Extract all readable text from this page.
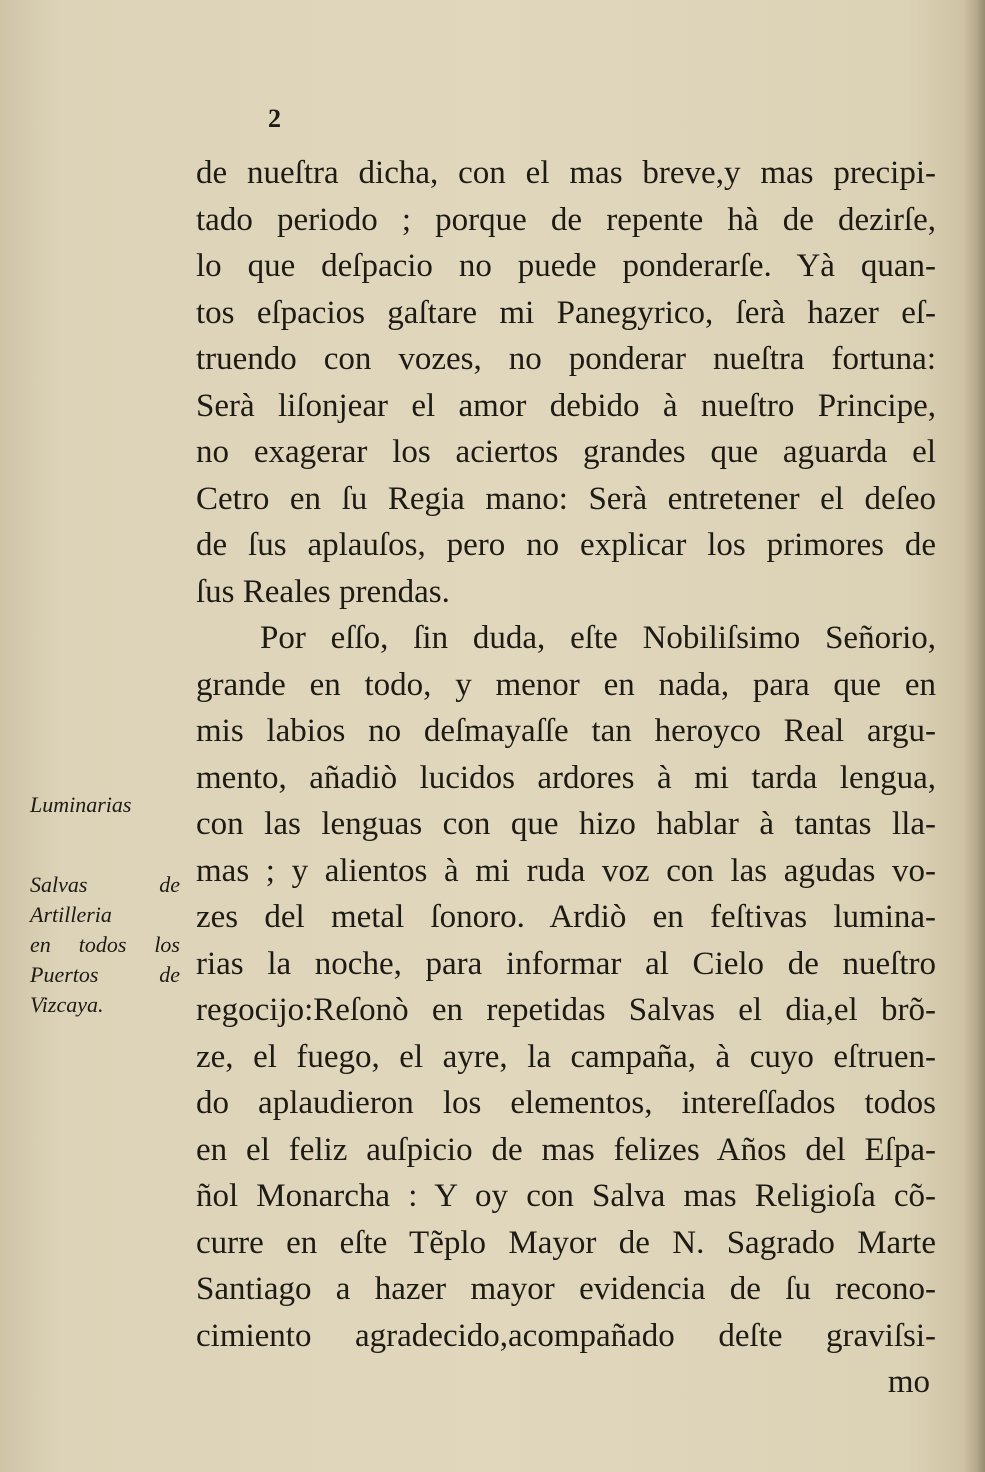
2
de nueſtra dicha, con el mas breve,y mas precipi-
tado periodo ; porque de repente hà de dezirſe,
lo que deſpacio no puede ponderarſe. Yà quan-
tos eſpacios gaſtare mi Panegyrico, ſerà hazer eſ-
truendo con vozes, no ponderar nueſtra fortuna:
Serà liſonjear el amor debido à nueſtro Principe,
no exagerar los aciertos grandes que aguarda el
Cetro en ſu Regia mano: Serà entretener el deſeo
de ſus aplauſos, pero no explicar los primores de
ſus Reales prendas.
Por eſſo, ſin duda, eſte Nobiliſsimo Señorio,
grande en todo, y menor en nada, para que en
mis labios no deſmayaſſe tan heroyco Real argu-
mento, añadiò lucidos ardores à mi tarda lengua,
con las lenguas con que hizo hablar à tantas lla-
mas ; y alientos à mi ruda voz con las agudas vo-
zes del metal ſonoro. Ardiò en feſtivas lumina-
rias la noche, para informar al Cielo de nueſtro
regocijo:Reſonò en repetidas Salvas el dia,el brõ-
ze, el fuego, el ayre, la campaña, à cuyo eſtruen-
do aplaudieron los elementos, intereſſados todos
en el feliz auſpicio de mas felizes Años del Eſpa-
ñol Monarcha : Y oy con Salva mas Religioſa cõ-
curre en eſte Tẽplo Mayor de N. Sagrado Marte
Santiago a hazer mayor evidencia de ſu recono-
cimiento agradecido,acompañado deſte graviſsi-
mo
Luminarias
Salvas de
Artilleria
en todos los
Puertos de
Vizcaya.
